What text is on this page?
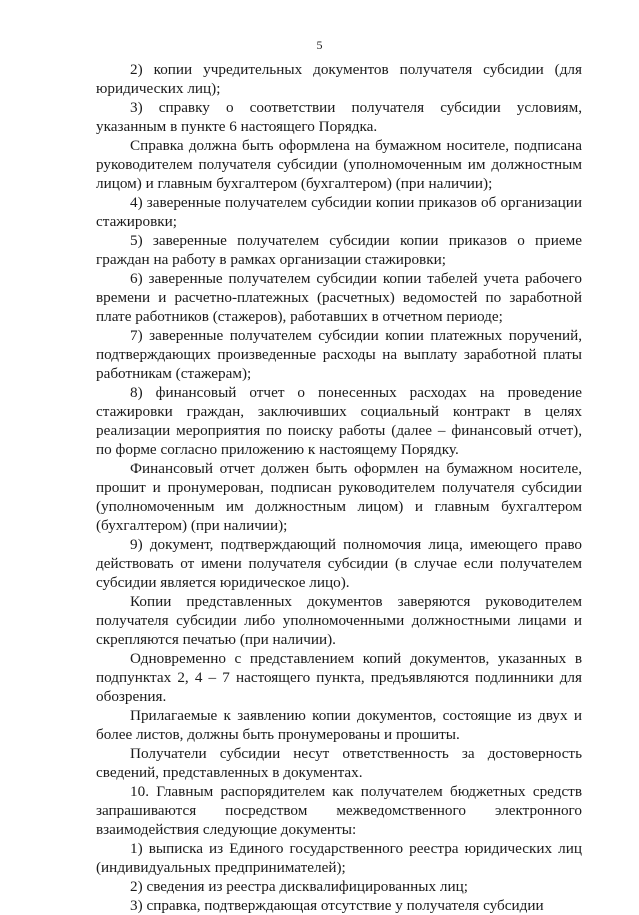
5

2) копии учредительных документов получателя субсидии (для юридических лиц);

3) справку о соответствии получателя субсидии условиям, указанным в пункте 6 настоящего Порядка.

Справка должна быть оформлена на бумажном носителе, подписана руководителем получателя субсидии (уполномоченным им должностным лицом) и главным бухгалтером (бухгалтером) (при наличии);

4) заверенные получателем субсидии копии приказов об организации стажировки;

5) заверенные получателем субсидии копии приказов о приеме граждан на работу в рамках организации стажировки;

6) заверенные получателем субсидии копии табелей учета рабочего времени и расчетно-платежных (расчетных) ведомостей по заработной плате работников (стажеров), работавших в отчетном периоде;

7) заверенные получателем субсидии копии платежных поручений, подтверждающих произведенные расходы на выплату заработной платы работникам (стажерам);

8) финансовый отчет о понесенных расходах на проведение стажировки граждан, заключивших социальный контракт в целях реализации мероприятия по поиску работы (далее – финансовый отчет), по форме согласно приложению к настоящему Порядку.

Финансовый отчет должен быть оформлен на бумажном носителе, прошит и пронумерован, подписан руководителем получателя субсидии (уполномоченным им должностным лицом) и главным бухгалтером (бухгалтером) (при наличии);

9) документ, подтверждающий полномочия лица, имеющего право действовать от имени получателя субсидии (в случае если получателем субсидии является юридическое лицо).

Копии представленных документов заверяются руководителем получателя субсидии либо уполномоченными должностными лицами и скрепляются печатью (при наличии).

Одновременно с представлением копий документов, указанных в подпунктах 2, 4 – 7 настоящего пункта, предъявляются подлинники для обозрения.

Прилагаемые к заявлению копии документов, состоящие из двух и более листов, должны быть пронумерованы и прошиты.

Получатели субсидии несут ответственность за достоверность сведений, представленных в документах.

10. Главным распорядителем как получателем бюджетных средств запрашиваются посредством межведомственного электронного взаимодействия следующие документы:

1) выписка из Единого государственного реестра юридических лиц (индивидуальных предпринимателей);

2) сведения из реестра дисквалифицированных лиц;

3) справка, подтверждающая отсутствие у получателя субсидии
